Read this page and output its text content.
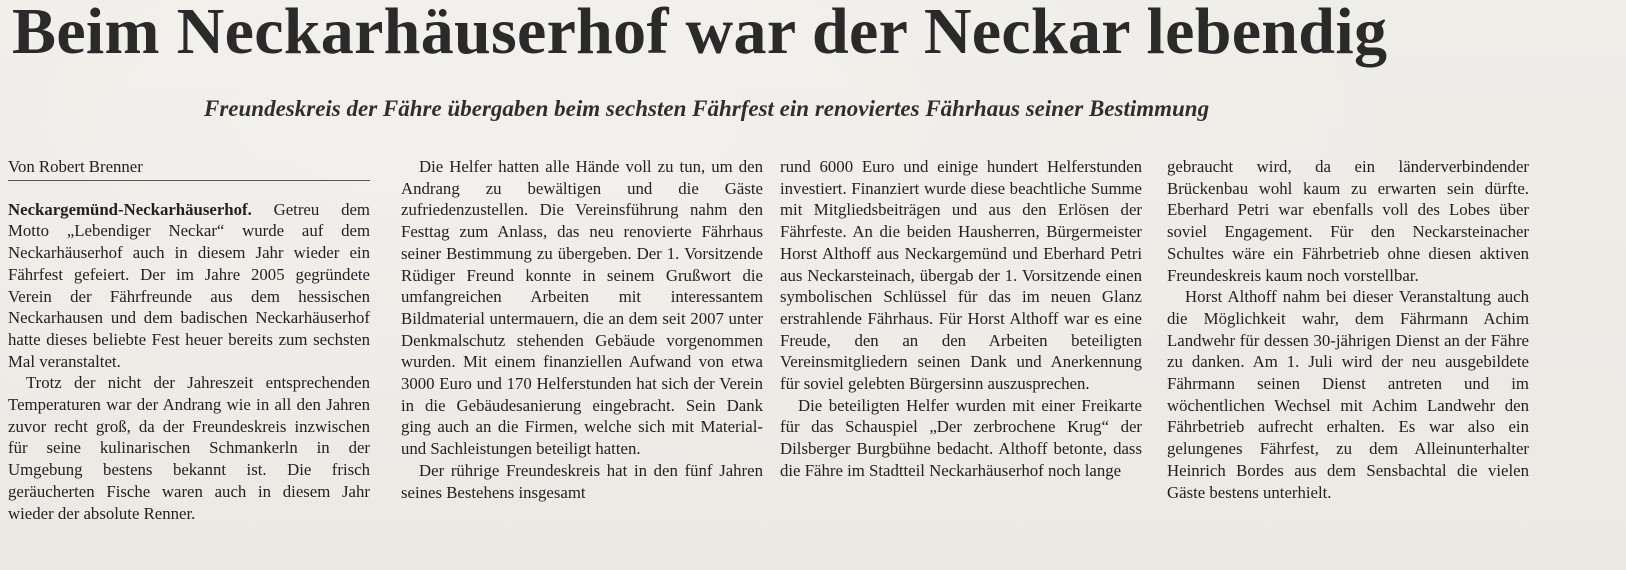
Beim Neckarhäuserhof war der Neckar lebendig
Freundeskreis der Fähre übergaben beim sechsten Fährfest ein renoviertes Fährhaus seiner Bestimmung
Von Robert Brenner

Neckargemünd-Neckarhäuserhof. Getreu dem Motto „Lebendiger Neckar“ wurde auf dem Neckarhäuserhof auch in diesem Jahr wieder ein Fährfest gefeiert. Der im Jahre 2005 gegründete Verein der Fährfreunde aus dem hessischen Neckarhausen und dem badischen Neckarhäuserhof hatte dieses beliebte Fest heuer bereits zum sechsten Mal veranstaltet.

Trotz der nicht der Jahreszeit entsprechenden Temperaturen war der Andrang wie in all den Jahren zuvor recht groß, da der Freundeskreis inzwischen für seine kulinarischen Schmankerln in der Umgebung bestens bekannt ist. Die frisch geräucherten Fische waren auch in diesem Jahr wieder der absolute Renner.

Die Helfer hatten alle Hände voll zu tun, um den Andrang zu bewältigen und die Gäste zufriedenzustellen. Die Vereinsführung nahm den Festtag zum Anlass, das neu renovierte Fährhaus seiner Bestimmung zu übergeben. Der 1. Vorsitzende Rüdiger Freund konnte in seinem Grußwort die umfangreichen Arbeiten mit interessantem Bildmaterial untermauern, die an dem seit 2007 unter Denkmalschutz stehenden Gebäude vorgenommen wurden. Mit einem finanziellen Aufwand von etwa 3000 Euro und 170 Helferstunden hat sich der Verein in die Gebäudesanierung eingebracht. Sein Dank ging auch an die Firmen, welche sich mit Material- und Sachleistungen beteiligt hatten.

Der rührige Freundeskreis hat in den fünf Jahren seines Bestehens insgesamt

rund 6000 Euro und einige hundert Helferstunden investiert. Finanziert wurde diese beachtliche Summe mit Mitgliedsbeiträgen und aus den Erlösen der Fährfeste. An die beiden Hausherren, Bürgermeister Horst Althoff aus Neckargemünd und Eberhard Petri aus Neckarsteinach, übergab der 1. Vorsitzende einen symbolischen Schlüssel für das im neuen Glanz erstrahlende Fährhaus. Für Horst Althoff war es eine Freude, den an den Arbeiten beteiligten Vereinsmitgliedern seinen Dank und Anerkennung für soviel gelebten Bürgersinn auszusprechen.

Die beteiligten Helfer wurden mit einer Freikarte für das Schauspiel „Der zerbrochene Krug“ der Dilsberger Burgbühne bedacht. Althoff betonte, dass die Fähre im Stadtteil Neckarhäuserhof noch lange

gebraucht wird, da ein länderverbindender Brückenbau wohl kaum zu erwarten sein dürfte. Eberhard Petri war ebenfalls voll des Lobes über soviel Engagement. Für den Neckarsteinacher Schultes wäre ein Fährbetrieb ohne diesen aktiven Freundeskreis kaum noch vorstellbar.

Horst Althoff nahm bei dieser Veranstaltung auch die Möglichkeit wahr, dem Fährmann Achim Landwehr für dessen 30-jährigen Dienst an der Fähre zu danken. Am 1. Juli wird der neu ausgebildete Fährmann seinen Dienst antreten und im wöchentlichen Wechsel mit Achim Landwehr den Fährbetrieb aufrecht erhalten. Es war also ein gelungenes Fährfest, zu dem Alleinunterhalter Heinrich Bordes aus dem Sensbachtal die vielen Gäste bestens unterhielt.
